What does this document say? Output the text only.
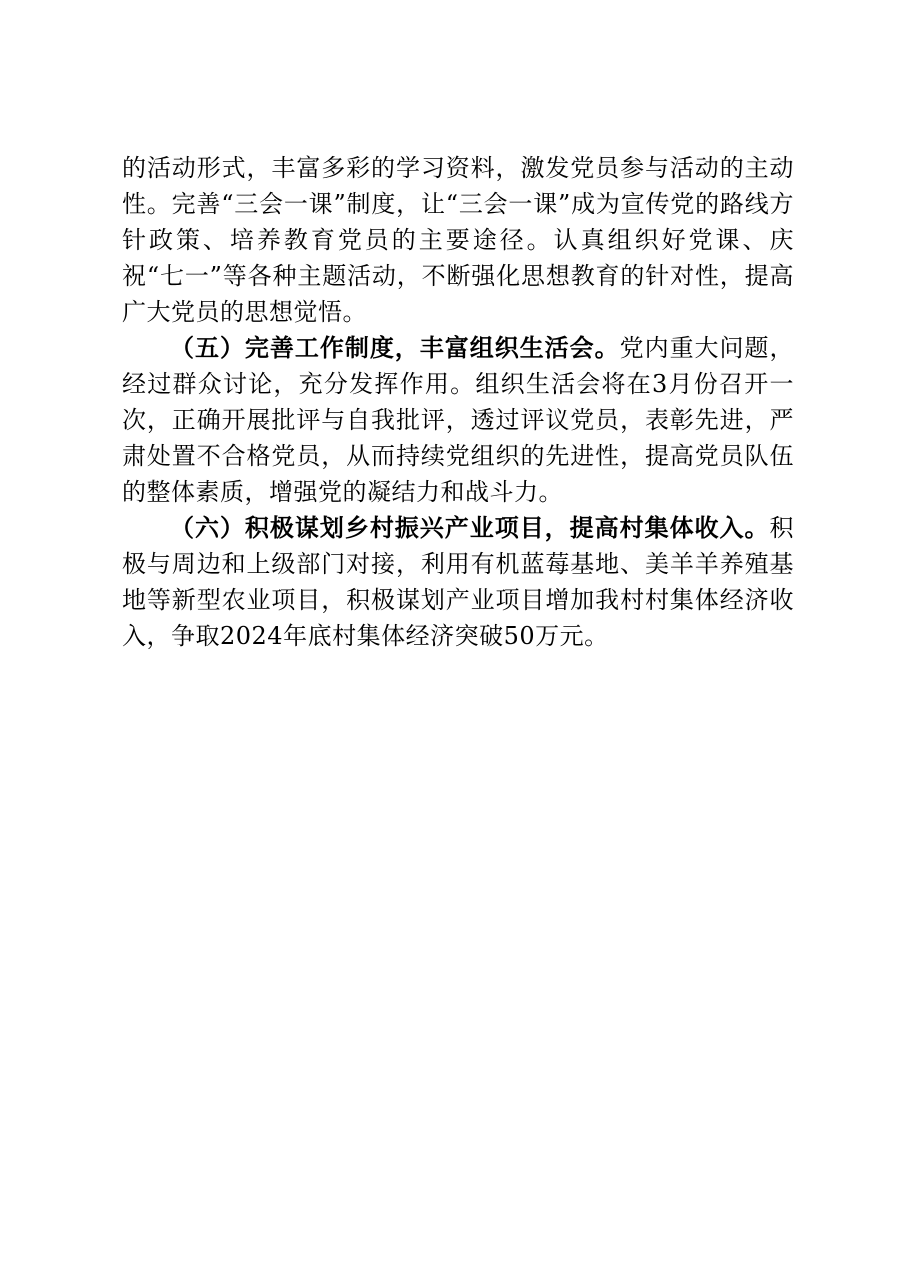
的活动形式，丰富多彩的学习资料，激发党员参与活动的主动性。完善“三会一课”制度，让“三会一课”成为宣传党的路线方针政策、培养教育党员的主要途径。认真组织好党课、庆祝“七一”等各种主题活动，不断强化思想教育的针对性，提高广大党员的思想觉悟。

（五）完善工作制度，丰富组织生活会。党内重大问题，经过群众讨论，充分发挥作用。组织生活会将在3月份召开一次，正确开展批评与自我批评，透过评议党员，表彰先进，严肃处置不合格党员，从而持续党组织的先进性，提高党员队伍的整体素质，增强党的凝结力和战斗力。

（六）积极谋划乡村振兴产业项目，提高村集体收入。积极与周边和上级部门对接，利用有机蓝莓基地、美羊羊养殖基地等新型农业项目，积极谋划产业项目增加我村村集体经济收入，争取2024年底村集体经济突破50万元。
